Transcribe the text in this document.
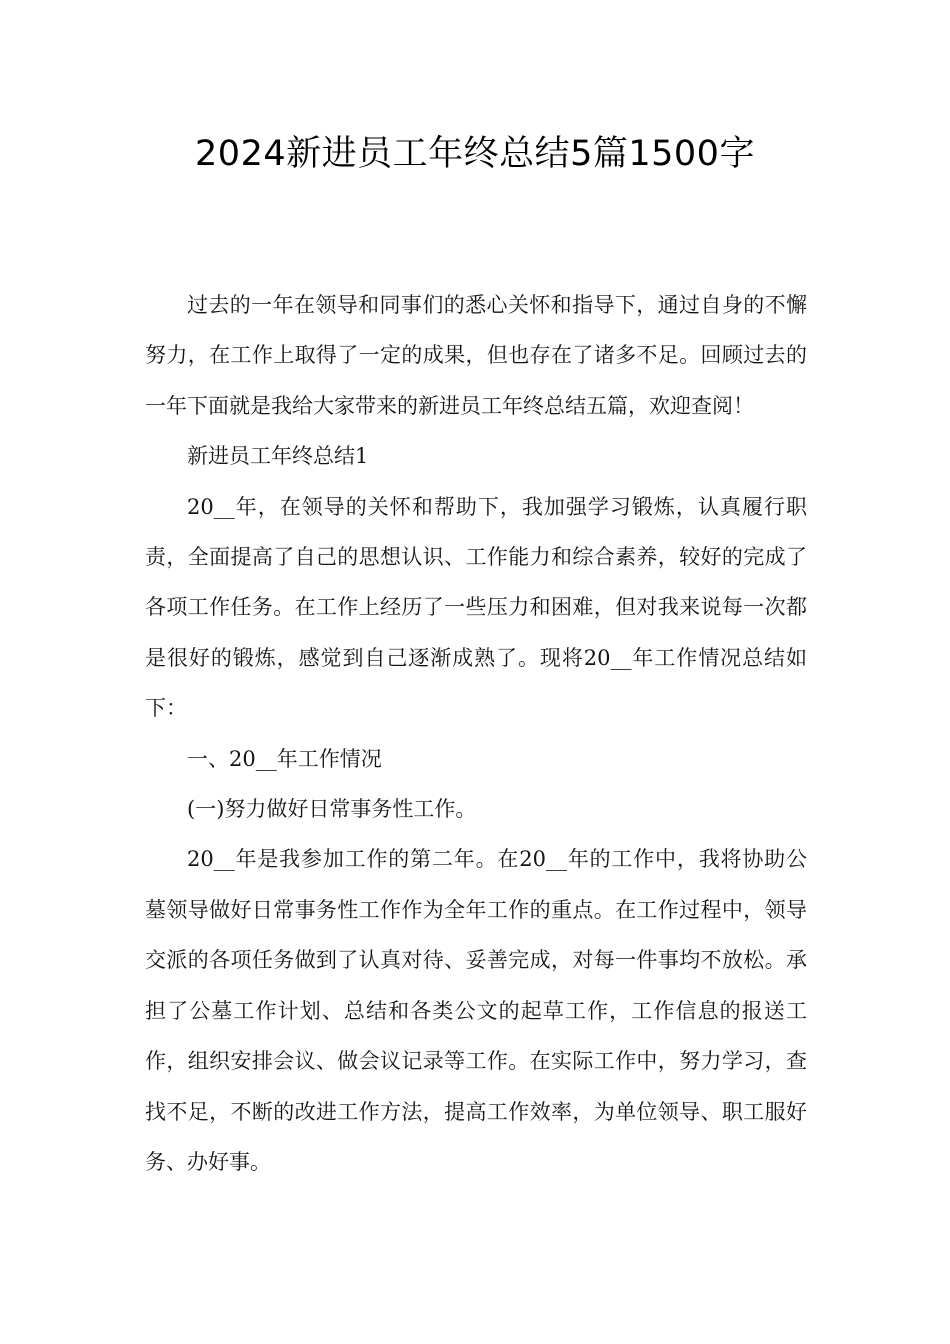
2024新进员工年终总结5篇1500字

过去的一年在领导和同事们的悉心关怀和指导下，通过自身的不懈努力，在工作上取得了一定的成果，但也存在了诸多不足。回顾过去的一年下面就是我给大家带来的新进员工年终总结五篇，欢迎查阅！

新进员工年终总结1

20__年，在领导的关怀和帮助下，我加强学习锻炼，认真履行职责，全面提高了自己的思想认识、工作能力和综合素养，较好的完成了各项工作任务。在工作上经历了一些压力和困难，但对我来说每一次都是很好的锻炼，感觉到自己逐渐成熟了。现将20__年工作情况总结如下：

一、20__年工作情况

(一)努力做好日常事务性工作。

20__年是我参加工作的第二年。在20__年的工作中，我将协助公墓领导做好日常事务性工作作为全年工作的重点。在工作过程中，领导交派的各项任务做到了认真对待、妥善完成，对每一件事均不放松。承担了公墓工作计划、总结和各类公文的起草工作，工作信息的报送工作，组织安排会议、做会议记录等工作。在实际工作中，努力学习，查找不足，不断的改进工作方法，提高工作效率，为单位领导、职工服好务、办好事。
